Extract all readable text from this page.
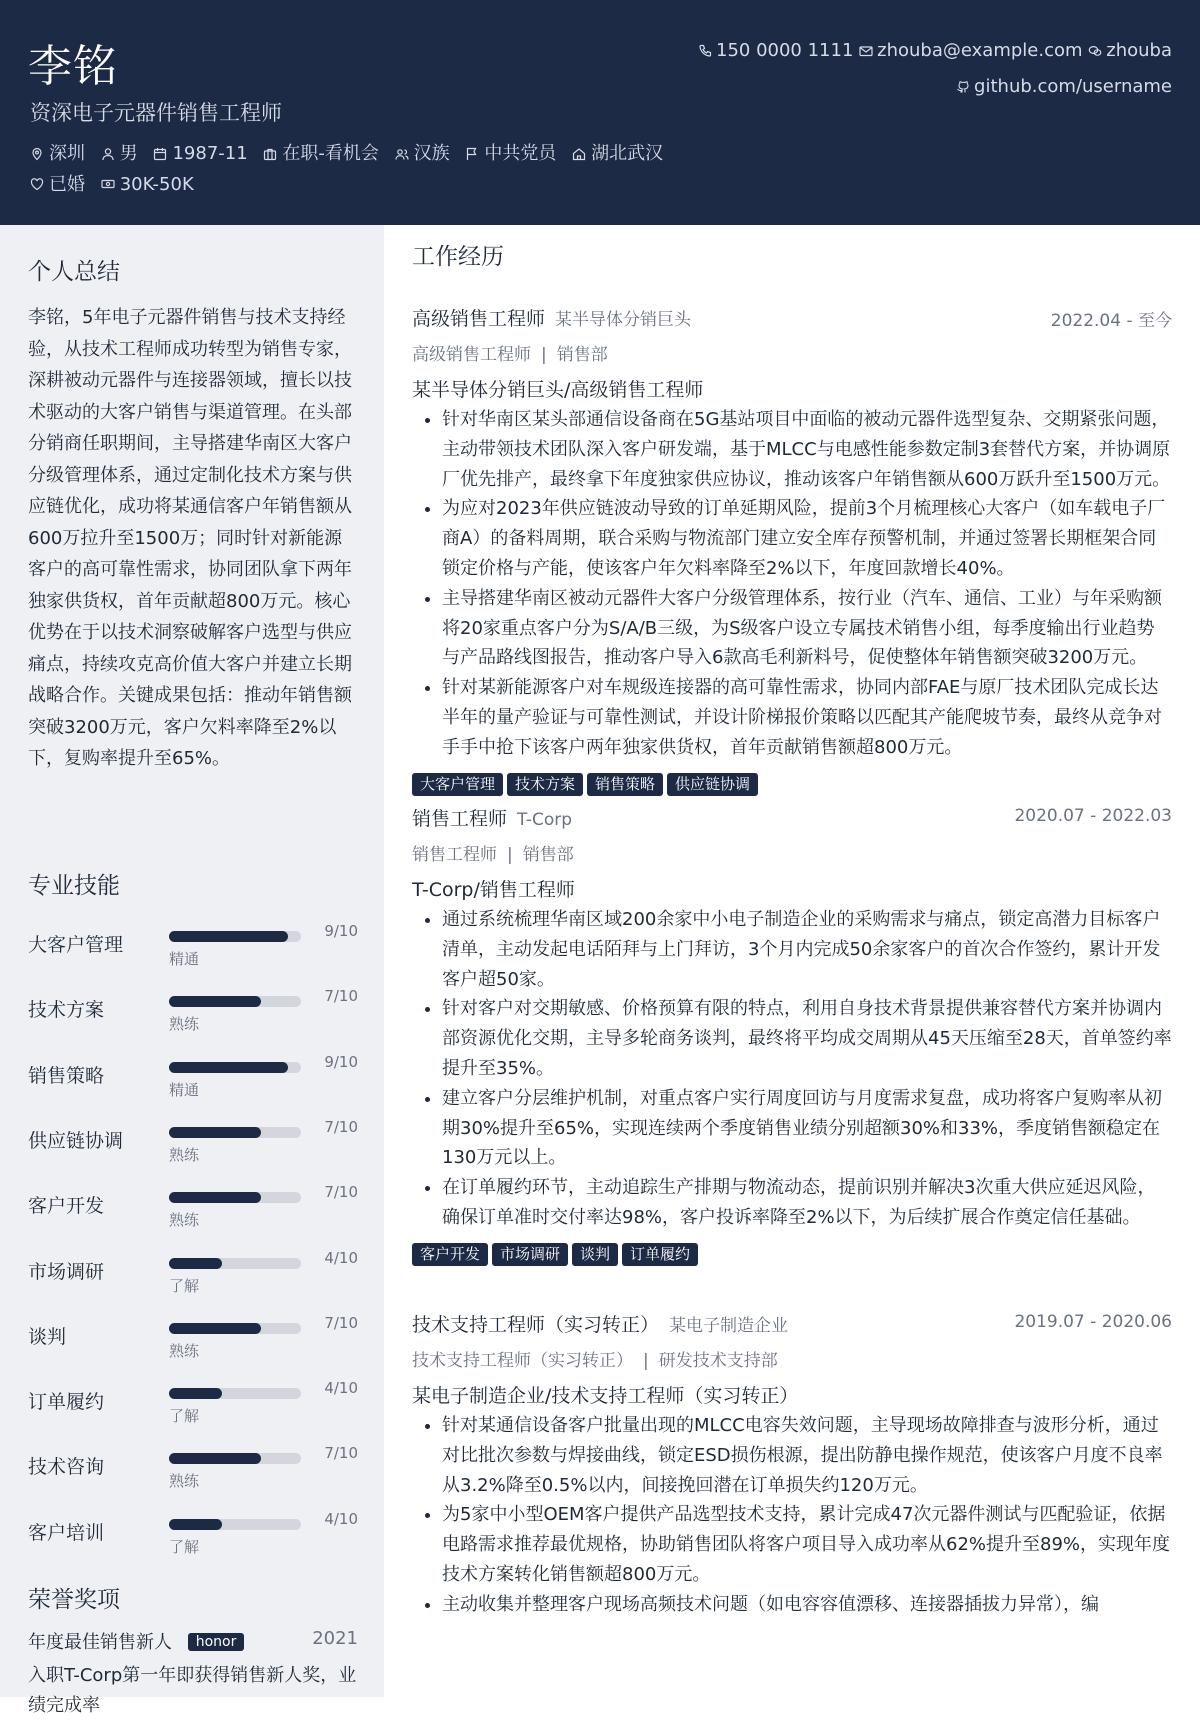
李铭
资深电子元器件销售工程师
深圳
男
1987-11
在职-看机会
汉族
中共党员
湖北武汉

已婚
30K-50K
150 0000 1111
zhouba@example.com
zhouba
github.com/username
个人总结
李铭，5年电子元器件销售与技术支持经验，从技术工程师成功转型为销售专家，深耕被动元器件与连接器领域，擅长以技术驱动的大客户销售与渠道管理。在头部分销商任职期间，主导搭建华南区大客户分级管理体系，通过定制化技术方案与供应链优化，成功将某通信客户年销售额从600万拉升至1500万；同时针对新能源客户的高可靠性需求，协同团队拿下两年独家供货权，首年贡献超800万元。核心优势在于以技术洞察破解客户选型与供应痛点，持续攻克高价值大客户并建立长期战略合作。关键成果包括：推动年销售额突破3200万元，客户欠料率降至2%以下，复购率提升至65%。
专业技能
大客户管理
9/10
精通
技术方案
7/10
熟练
销售策略
9/10
精通
供应链协调
7/10
熟练
客户开发
7/10
熟练
市场调研
4/10
了解
谈判
7/10
熟练
订单履约
4/10
了解
技术咨询
7/10
熟练
客户培训
4/10
了解
荣誉奖项
年度最佳销售新人 honor	2021
入职T-Corp第一年即获得销售新人奖，业绩完成率
工作经历
高级销售工程师 某半导体分销巨头	2022.04 - 至今
高级销售工程师 | 销售部
某半导体分销巨头/高级销售工程师
• 针对华南区某头部通信设备商在5G基站项目中面临的被动元器件选型复杂、交期紧张问题，主动带领技术团队深入客户研发端，基于MLCC与电感性能参数定制3套替代方案，并协调原厂优先排产，最终拿下年度独家供应协议，推动该客户年销售额从600万跃升至1500万元。
• 为应对2023年供应链波动导致的订单延期风险，提前3个月梳理核心大客户（如车载电子厂商A）的备料周期，联合采购与物流部门建立安全库存预警机制，并通过签署长期框架合同锁定价格与产能，使该客户年欠料率降至2%以下，年度回款增长40%。
• 主导搭建华南区被动元器件大客户分级管理体系，按行业（汽车、通信、工业）与年采购额将20家重点客户分为S/A/B三级，为S级客户设立专属技术销售小组，每季度输出行业趋势与产品路线图报告，推动客户导入6款高毛利新料号，促使整体年销售额突破3200万元。
• 针对某新能源客户对车规级连接器的高可靠性需求，协同内部FAE与原厂技术团队完成长达半年的量产验证与可靠性测试，并设计阶梯报价策略以匹配其产能爬坡节奏，最终从竞争对手手中抢下该客户两年独家供货权，首年贡献销售额超800万元。
大客户管理 技术方案 销售策略 供应链协调
销售工程师 T-Corp	2020.07 - 2022.03
销售工程师 | 销售部
T-Corp/销售工程师
• 通过系统梳理华南区域200余家中小电子制造企业的采购需求与痛点，锁定高潜力目标客户清单，主动发起电话陌拜与上门拜访，3个月内完成50余家客户的首次合作签约，累计开发客户超50家。
• 针对客户对交期敏感、价格预算有限的特点，利用自身技术背景提供兼容替代方案并协调内部资源优化交期，主导多轮商务谈判，最终将平均成交周期从45天压缩至28天，首单签约率提升至35%。
• 建立客户分层维护机制，对重点客户实行周度回访与月度需求复盘，成功将客户复购率从初期30%提升至65%，实现连续两个季度销售业绩分别超额30%和33%，季度销售额稳定在130万元以上。
• 在订单履约环节，主动追踪生产排期与物流动态，提前识别并解决3次重大供应延迟风险，确保订单准时交付率达98%，客户投诉率降至2%以下，为后续扩展合作奠定信任基础。
客户开发 市场调研 谈判 订单履约
技术支持工程师（实习转正） 某电子制造企业	2019.07 - 2020.06
技术支持工程师（实习转正） | 研发技术支持部
某电子制造企业/技术支持工程师（实习转正）
• 针对某通信设备客户批量出现的MLCC电容失效问题，主导现场故障排查与波形分析，通过对比批次参数与焊接曲线，锁定ESD损伤根源，提出防静电操作规范，使该客户月度不良率从3.2%降至0.5%以内，间接挽回潜在订单损失约120万元。
• 为5家中小型OEM客户提供产品选型技术支持，累计完成47次元器件测试与匹配验证，依据电路需求推荐最优规格，协助销售团队将客户项目导入成功率从62%提升至89%，实现年度技术方案转化销售额超800万元。
• 主动收集并整理客户现场高频技术问题（如电容容值漂移、连接器插拔力异常），编
